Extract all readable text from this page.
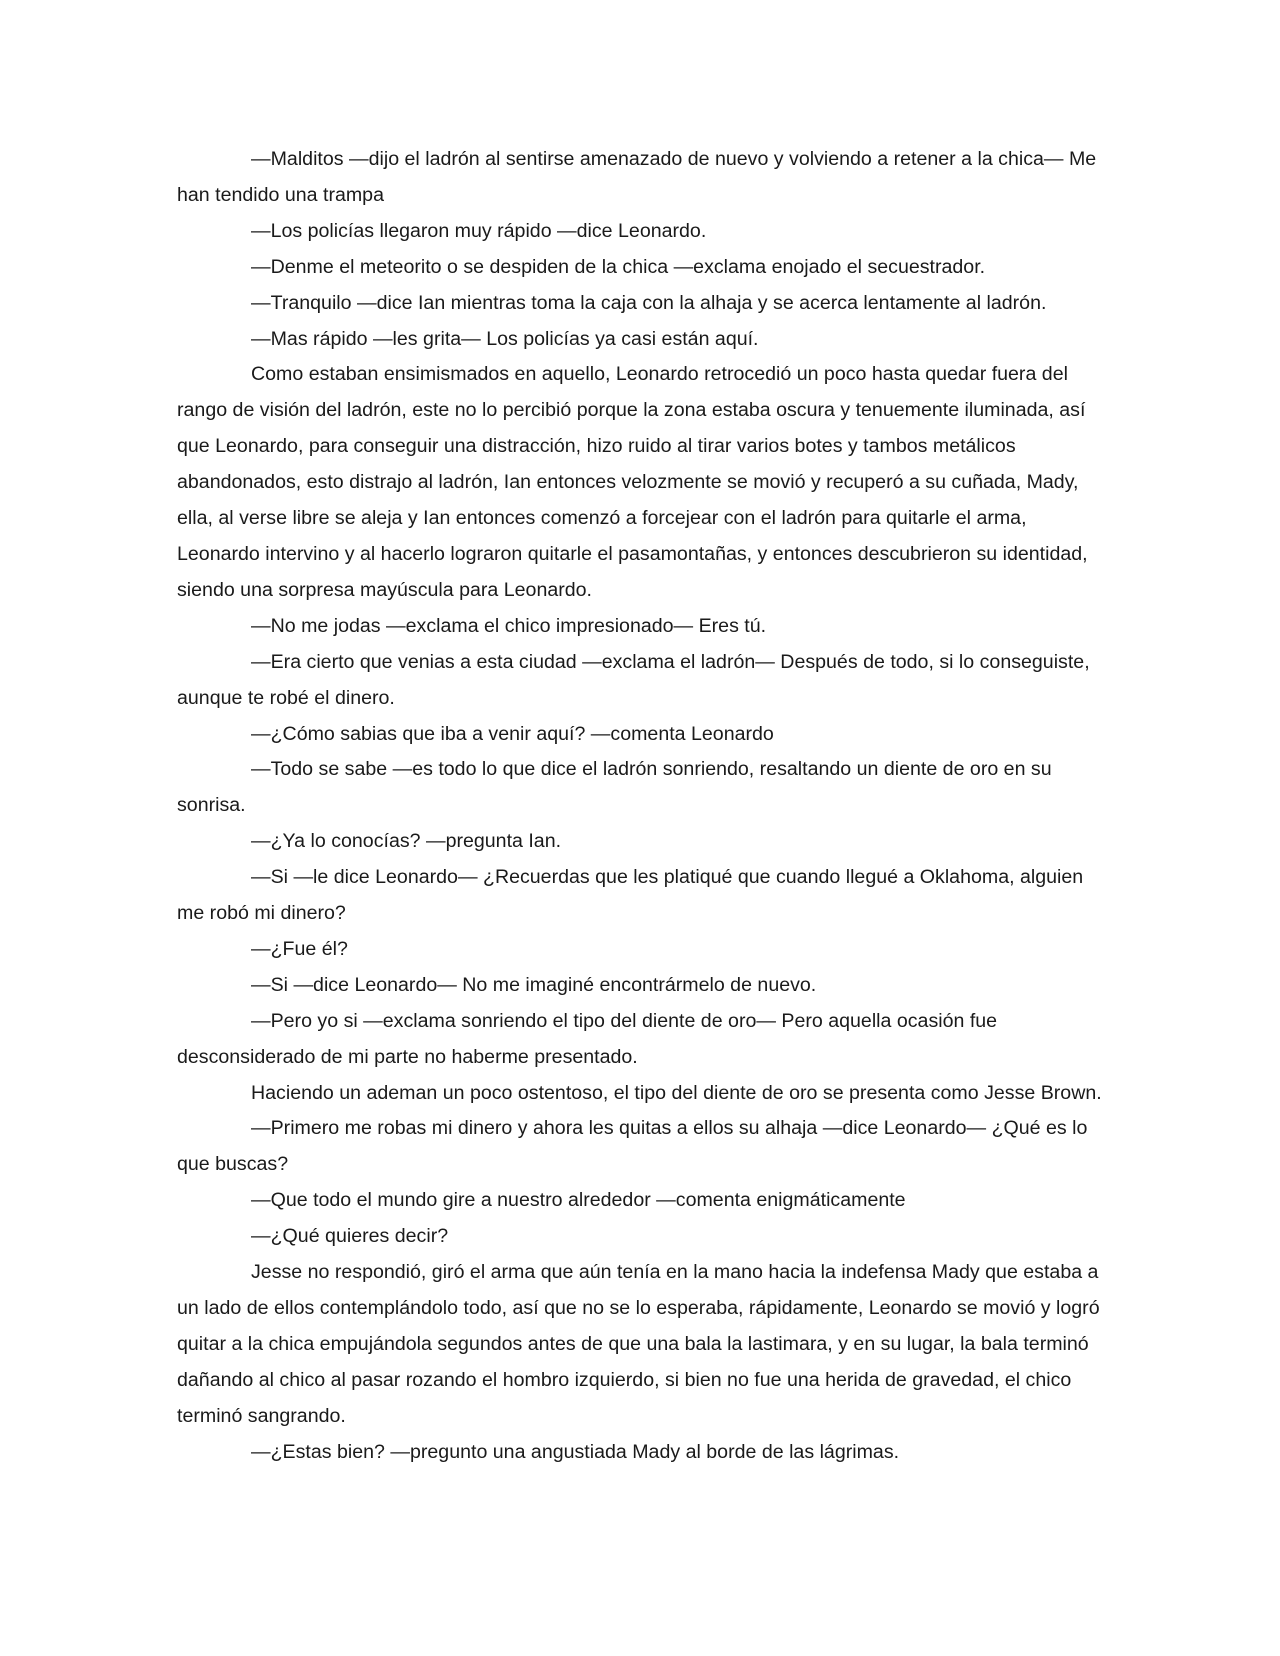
—Malditos —dijo el ladrón al sentirse amenazado de nuevo y volviendo a retener a la chica— Me han tendido una trampa

—Los policías llegaron muy rápido —dice Leonardo.

—Denme el meteorito o se despiden de la chica —exclama enojado el secuestrador.

—Tranquilo —dice Ian mientras toma la caja con la alhaja y se acerca lentamente al ladrón.

—Mas rápido —les grita— Los policías ya casi están aquí.

Como estaban ensimismados en aquello, Leonardo retrocedió un poco hasta quedar fuera del rango de visión del ladrón, este no lo percibió porque la zona estaba oscura y tenuemente iluminada, así que Leonardo, para conseguir una distracción, hizo ruido al tirar varios botes y tambos metálicos abandonados, esto distrajo al ladrón, Ian entonces velozmente se movió y recuperó a su cuñada, Mady, ella, al verse libre se aleja y Ian entonces comenzó a forcejear con el ladrón para quitarle el arma, Leonardo intervino y al hacerlo lograron quitarle el pasamontañas, y entonces descubrieron su identidad, siendo una sorpresa mayúscula para Leonardo.

—No me jodas —exclama el chico impresionado— Eres tú.

—Era cierto que venias a esta ciudad —exclama el ladrón— Después de todo, si lo conseguiste, aunque te robé el dinero.

—¿Cómo sabias que iba a venir aquí? —comenta Leonardo

—Todo se sabe —es todo lo que dice el ladrón sonriendo, resaltando un diente de oro en su sonrisa.

—¿Ya lo conocías? —pregunta Ian.

—Si —le dice Leonardo— ¿Recuerdas que les platiqué que cuando llegué a Oklahoma, alguien me robó mi dinero?

—¿Fue él?

—Si —dice Leonardo— No me imaginé encontrármelo de nuevo.

—Pero yo si —exclama sonriendo el tipo del diente de oro— Pero aquella ocasión fue desconsiderado de mi parte no haberme presentado.

Haciendo un ademan un poco ostentoso, el tipo del diente de oro se presenta como Jesse Brown.

—Primero me robas mi dinero y ahora les quitas a ellos su alhaja —dice Leonardo— ¿Qué es lo que buscas?

—Que todo el mundo gire a nuestro alrededor —comenta enigmáticamente

—¿Qué quieres decir?

Jesse no respondió, giró el arma que aún tenía en la mano hacia la indefensa Mady que estaba a un lado de ellos contemplándolo todo, así que no se lo esperaba, rápidamente, Leonardo se movió y logró quitar a la chica empujándola segundos antes de que una bala la lastimara, y en su lugar, la bala terminó dañando al chico al pasar rozando el hombro izquierdo, si bien no fue una herida de gravedad, el chico terminó sangrando.

—¿Estas bien? —pregunto una angustiada Mady al borde de las lágrimas.
